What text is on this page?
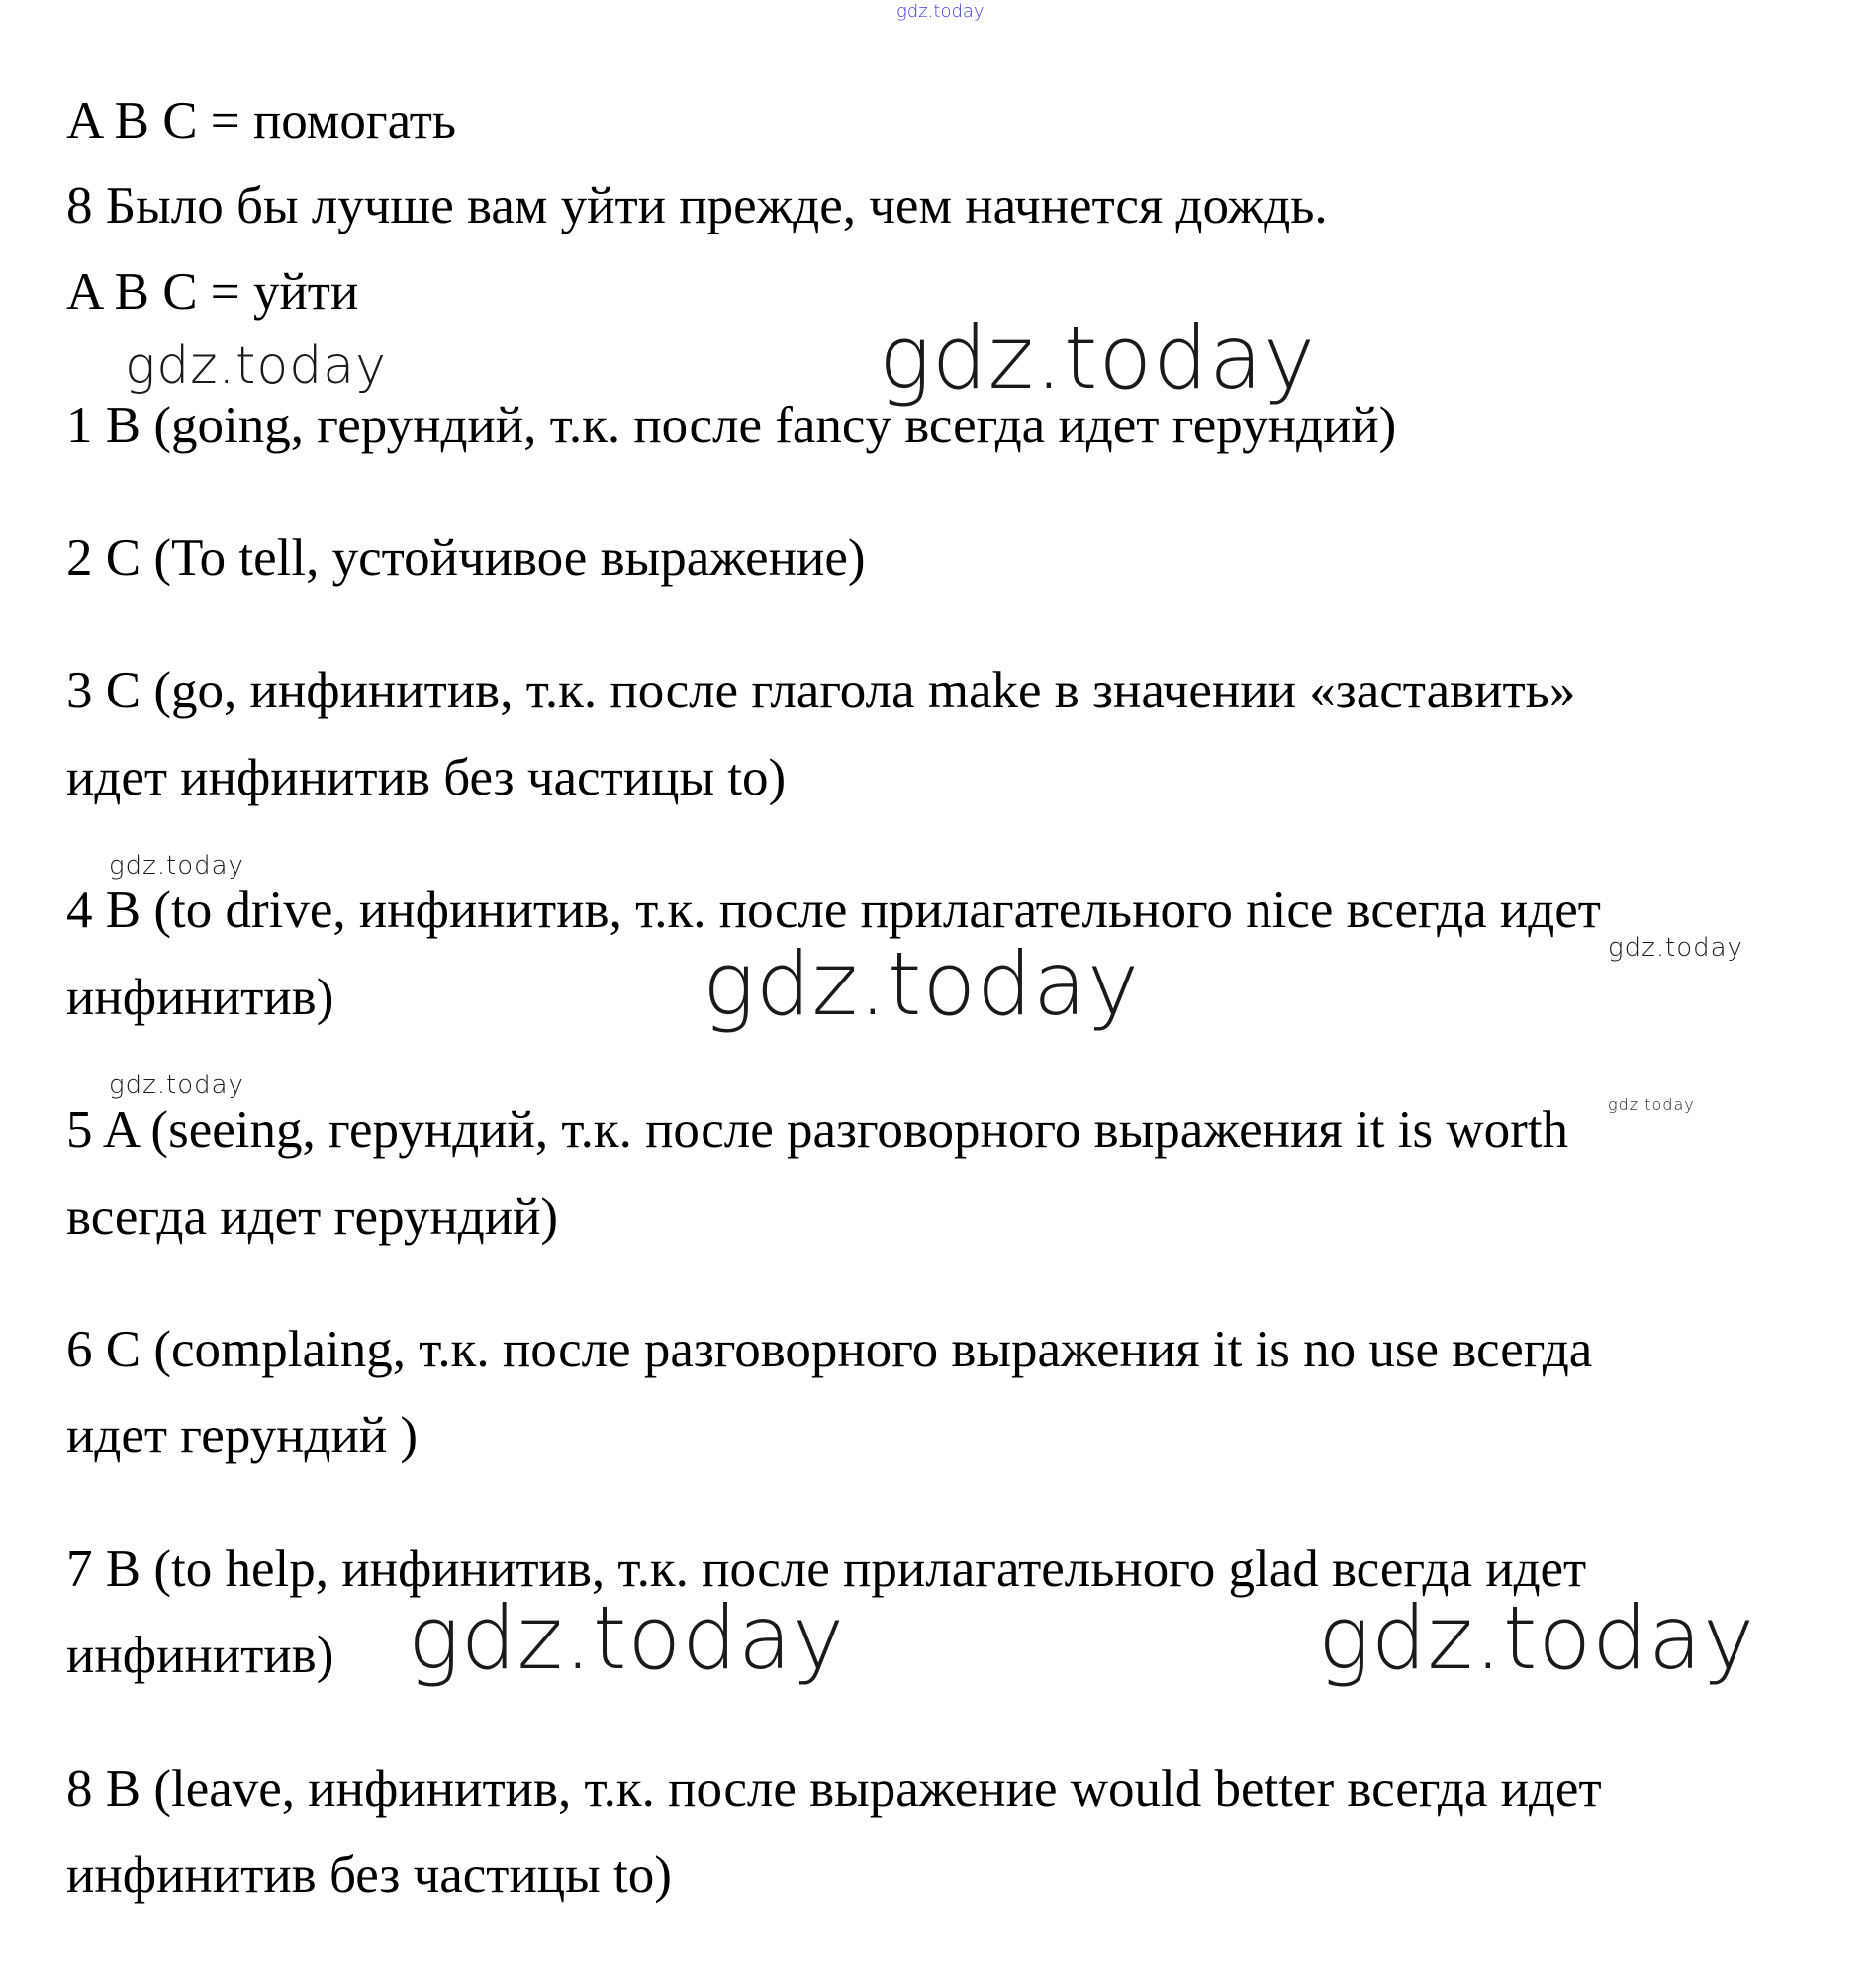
gdz.today
gdz.today	gdz.today
gdz.today
gdz.today
gdz.today
gdz.today
gdz.today
gdz.today	gdz.today
A B C = помогать
8 Было бы лучше вам уйти прежде, чем начнется дождь.
A B C = уйти
1 B (going, герундий, т.к. после fancy всегда идет герундий)
2 C (To tell, устойчивое выражение)
3 C (go, инфинитив, т.к. после глагола make в значении «заставить»
идет инфинитив без частицы to)
4 B (to drive, инфинитив, т.к. после прилагательного nice всегда идет
инфинитив)
5 A (seeing, герундий, т.к. после разговорного выражения it is worth
всегда идет герундий)
6 C (complaing, т.к. после разговорного выражения it is no use всегда
идет герундий )
7 B (to help, инфинитив, т.к. после прилагательного glad всегда идет
инфинитив)
8 B (leave, инфинитив, т.к. после выражение would better всегда идет
инфинитив без частицы to)
